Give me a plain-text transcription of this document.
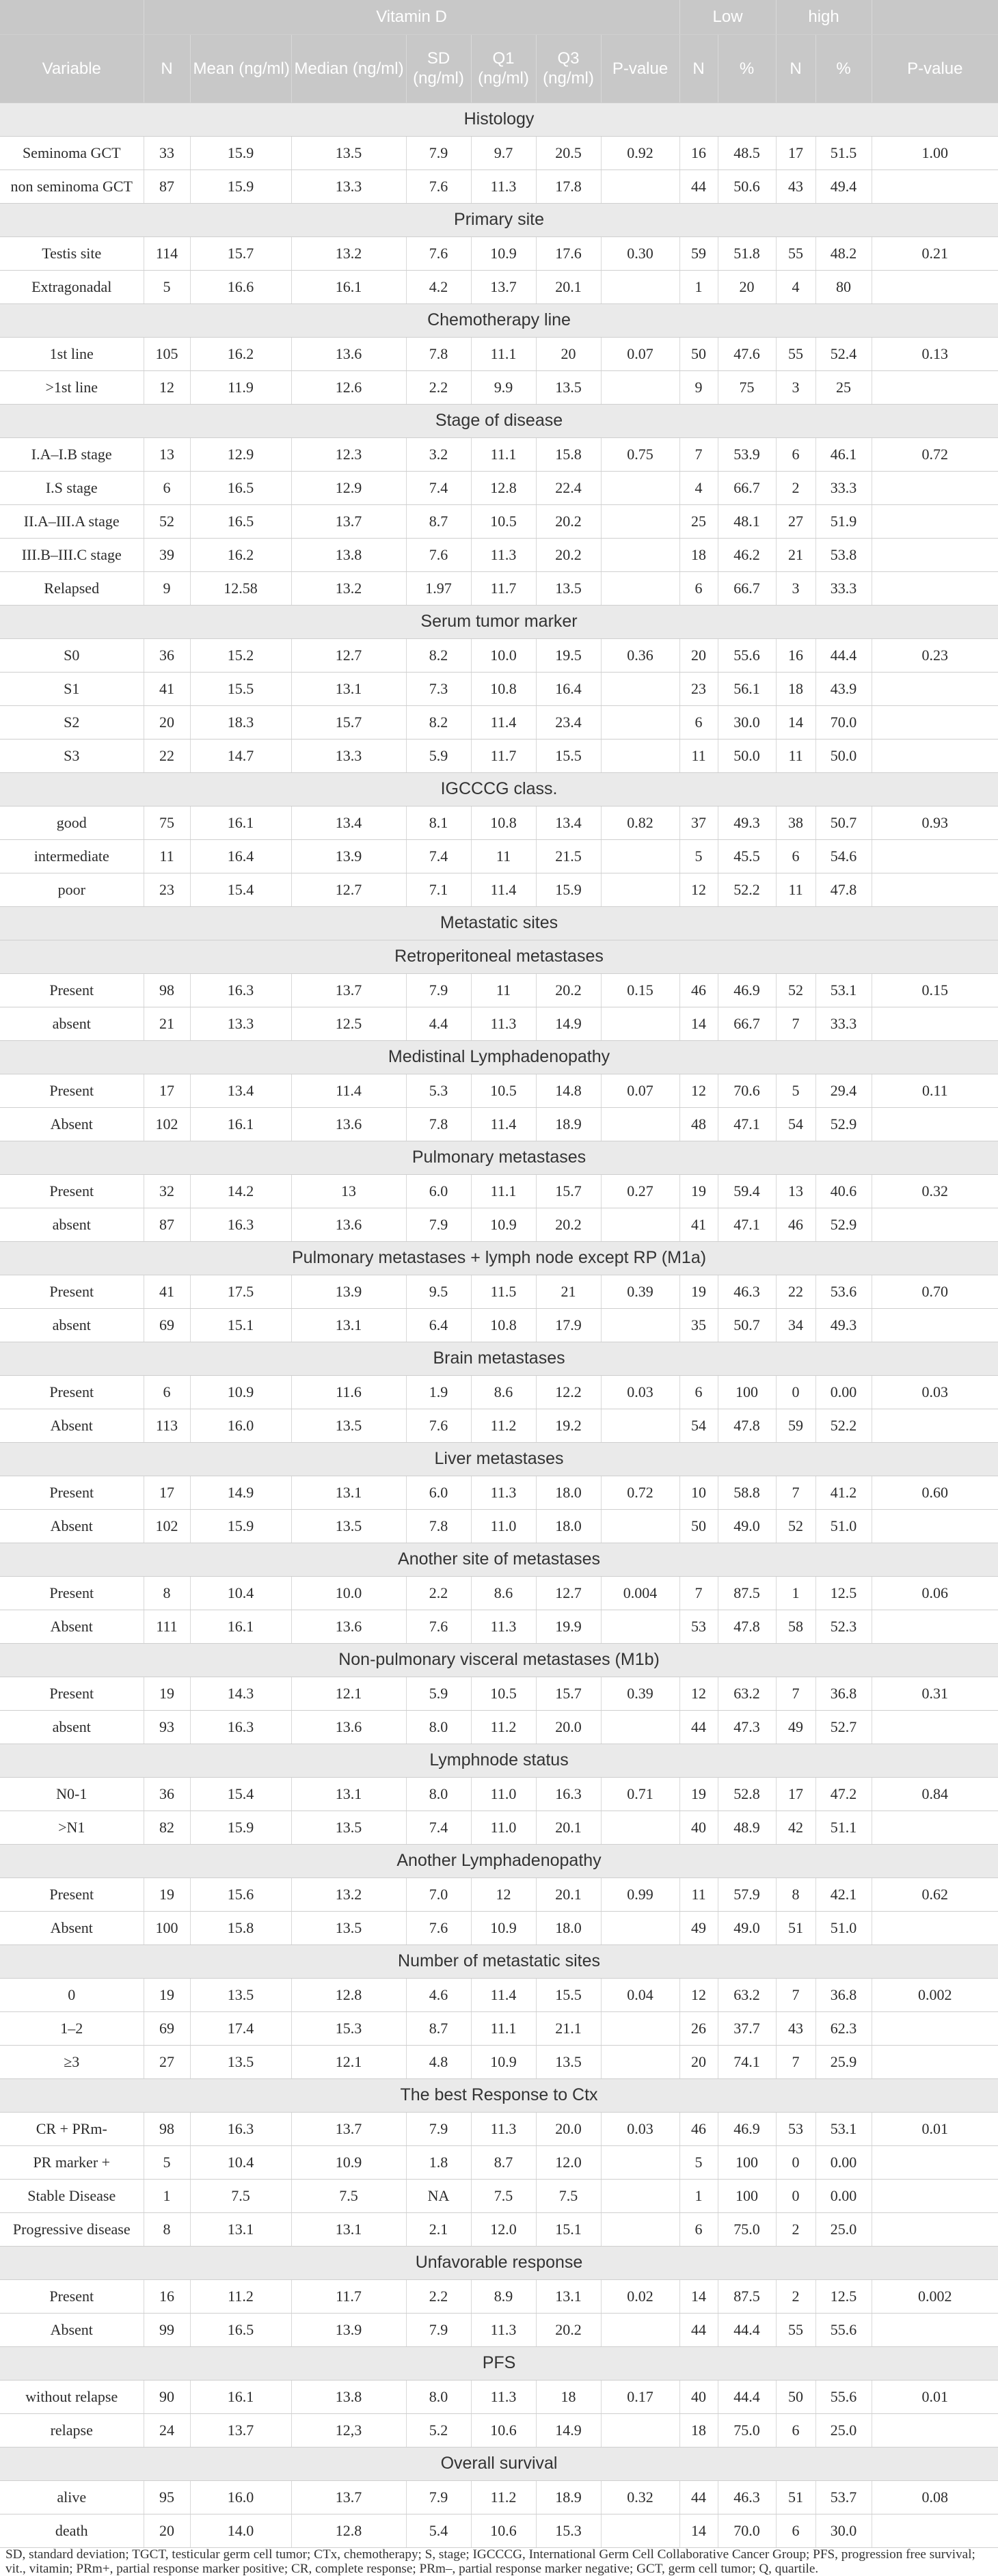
	Vitamin D							Low		high		
Variable	N	Mean (ng/ml)	Median (ng/ml)	SD (ng/ml)	Q1 (ng/ml)	Q3 (ng/ml)	P-value	N	%	N	%	P-value
Histology												
Seminoma GCT	33	15.9	13.5	7.9	9.7	20.5	0.92	16	48.5	17	51.5	1.00
non seminoma GCT	87	15.9	13.3	7.6	11.3	17.8		44	50.6	43	49.4	
Primary site												
Testis site	114	15.7	13.2	7.6	10.9	17.6	0.30	59	51.8	55	48.2	0.21
Extragonadal	5	16.6	16.1	4.2	13.7	20.1		1	20	4	80	
Chemotherapy line												
1st line	105	16.2	13.6	7.8	11.1	20	0.07	50	47.6	55	52.4	0.13
>1st line	12	11.9	12.6	2.2	9.9	13.5		9	75	3	25	
Stage of disease												
I.A–I.B stage	13	12.9	12.3	3.2	11.1	15.8	0.75	7	53.9	6	46.1	0.72
I.S stage	6	16.5	12.9	7.4	12.8	22.4		4	66.7	2	33.3	
II.A–III.A stage	52	16.5	13.7	8.7	10.5	20.2		25	48.1	27	51.9	
III.B–III.C stage	39	16.2	13.8	7.6	11.3	20.2		18	46.2	21	53.8	
Relapsed	9	12.58	13.2	1.97	11.7	13.5		6	66.7	3	33.3	
Serum tumor marker												
S0	36	15.2	12.7	8.2	10.0	19.5	0.36	20	55.6	16	44.4	0.23
S1	41	15.5	13.1	7.3	10.8	16.4		23	56.1	18	43.9	
S2	20	18.3	15.7	8.2	11.4	23.4		6	30.0	14	70.0	
S3	22	14.7	13.3	5.9	11.7	15.5		11	50.0	11	50.0	
IGCCCG class.												
good	75	16.1	13.4	8.1	10.8	13.4	0.82	37	49.3	38	50.7	0.93
intermediate	11	16.4	13.9	7.4	11	21.5		5	45.5	6	54.6	
poor	23	15.4	12.7	7.1	11.4	15.9		12	52.2	11	47.8	
Metastatic sites												
Retroperitoneal metastases												
Present	98	16.3	13.7	7.9	11	20.2	0.15	46	46.9	52	53.1	0.15
absent	21	13.3	12.5	4.4	11.3	14.9		14	66.7	7	33.3	
Medistinal Lymphadenopathy												
Present	17	13.4	11.4	5.3	10.5	14.8	0.07	12	70.6	5	29.4	0.11
Absent	102	16.1	13.6	7.8	11.4	18.9		48	47.1	54	52.9	
Pulmonary metastases												
Present	32	14.2	13	6.0	11.1	15.7	0.27	19	59.4	13	40.6	0.32
absent	87	16.3	13.6	7.9	10.9	20.2		41	47.1	46	52.9	
Pulmonary metastases + lymph node except RP (M1a)												
Present	41	17.5	13.9	9.5	11.5	21	0.39	19	46.3	22	53.6	0.70
absent	69	15.1	13.1	6.4	10.8	17.9		35	50.7	34	49.3	
Brain metastases												
Present	6	10.9	11.6	1.9	8.6	12.2	0.03	6	100	0	0.00	0.03
Absent	113	16.0	13.5	7.6	11.2	19.2		54	47.8	59	52.2	
Liver metastases												
Present	17	14.9	13.1	6.0	11.3	18.0	0.72	10	58.8	7	41.2	0.60
Absent	102	15.9	13.5	7.8	11.0	18.0		50	49.0	52	51.0	
Another site of metastases												
Present	8	10.4	10.0	2.2	8.6	12.7	0.004	7	87.5	1	12.5	0.06
Absent	111	16.1	13.6	7.6	11.3	19.9		53	47.8	58	52.3	
Non-pulmonary visceral metastases (M1b)												
Present	19	14.3	12.1	5.9	10.5	15.7	0.39	12	63.2	7	36.8	0.31
absent	93	16.3	13.6	8.0	11.2	20.0		44	47.3	49	52.7	
Lymphnode status												
N0-1	36	15.4	13.1	8.0	11.0	16.3	0.71	19	52.8	17	47.2	0.84
>N1	82	15.9	13.5	7.4	11.0	20.1		40	48.9	42	51.1	
Another Lymphadenopathy												
Present	19	15.6	13.2	7.0	12	20.1	0.99	11	57.9	8	42.1	0.62
Absent	100	15.8	13.5	7.6	10.9	18.0		49	49.0	51	51.0	
Number of metastatic sites												
0	19	13.5	12.8	4.6	11.4	15.5	0.04	12	63.2	7	36.8	0.002
1–2	69	17.4	15.3	8.7	11.1	21.1		26	37.7	43	62.3	
≥3	27	13.5	12.1	4.8	10.9	13.5		20	74.1	7	25.9	
The best Response to Ctx												
CR + PRm-	98	16.3	13.7	7.9	11.3	20.0	0.03	46	46.9	53	53.1	0.01
PR marker +	5	10.4	10.9	1.8	8.7	12.0		5	100	0	0.00	
Stable Disease	1	7.5	7.5	NA	7.5	7.5		1	100	0	0.00	
Progressive disease	8	13.1	13.1	2.1	12.0	15.1		6	75.0	2	25.0	
Unfavorable response												
Present	16	11.2	11.7	2.2	8.9	13.1	0.02	14	87.5	2	12.5	0.002
Absent	99	16.5	13.9	7.9	11.3	20.2		44	44.4	55	55.6	
PFS												
without relapse	90	16.1	13.8	8.0	11.3	18	0.17	40	44.4	50	55.6	0.01
relapse	24	13.7	12,3	5.2	10.6	14.9		18	75.0	6	25.0	
Overall survival												
alive	95	16.0	13.7	7.9	11.2	18.9	0.32	44	46.3	51	53.7	0.08
death	20	14.0	12.8	5.4	10.6	15.3		14	70.0	6	30.0	
SD, standard deviation; TGCT, testicular germ cell tumor; CTx, chemotherapy; S, stage; IGCCCG, International Germ Cell Collaborative Cancer Group; PFS, progression free survival;
vit., vitamin; PRm+, partial response marker positive; CR, complete response; PRm–, partial response marker negative; GCT, germ cell tumor; Q, quartile.
